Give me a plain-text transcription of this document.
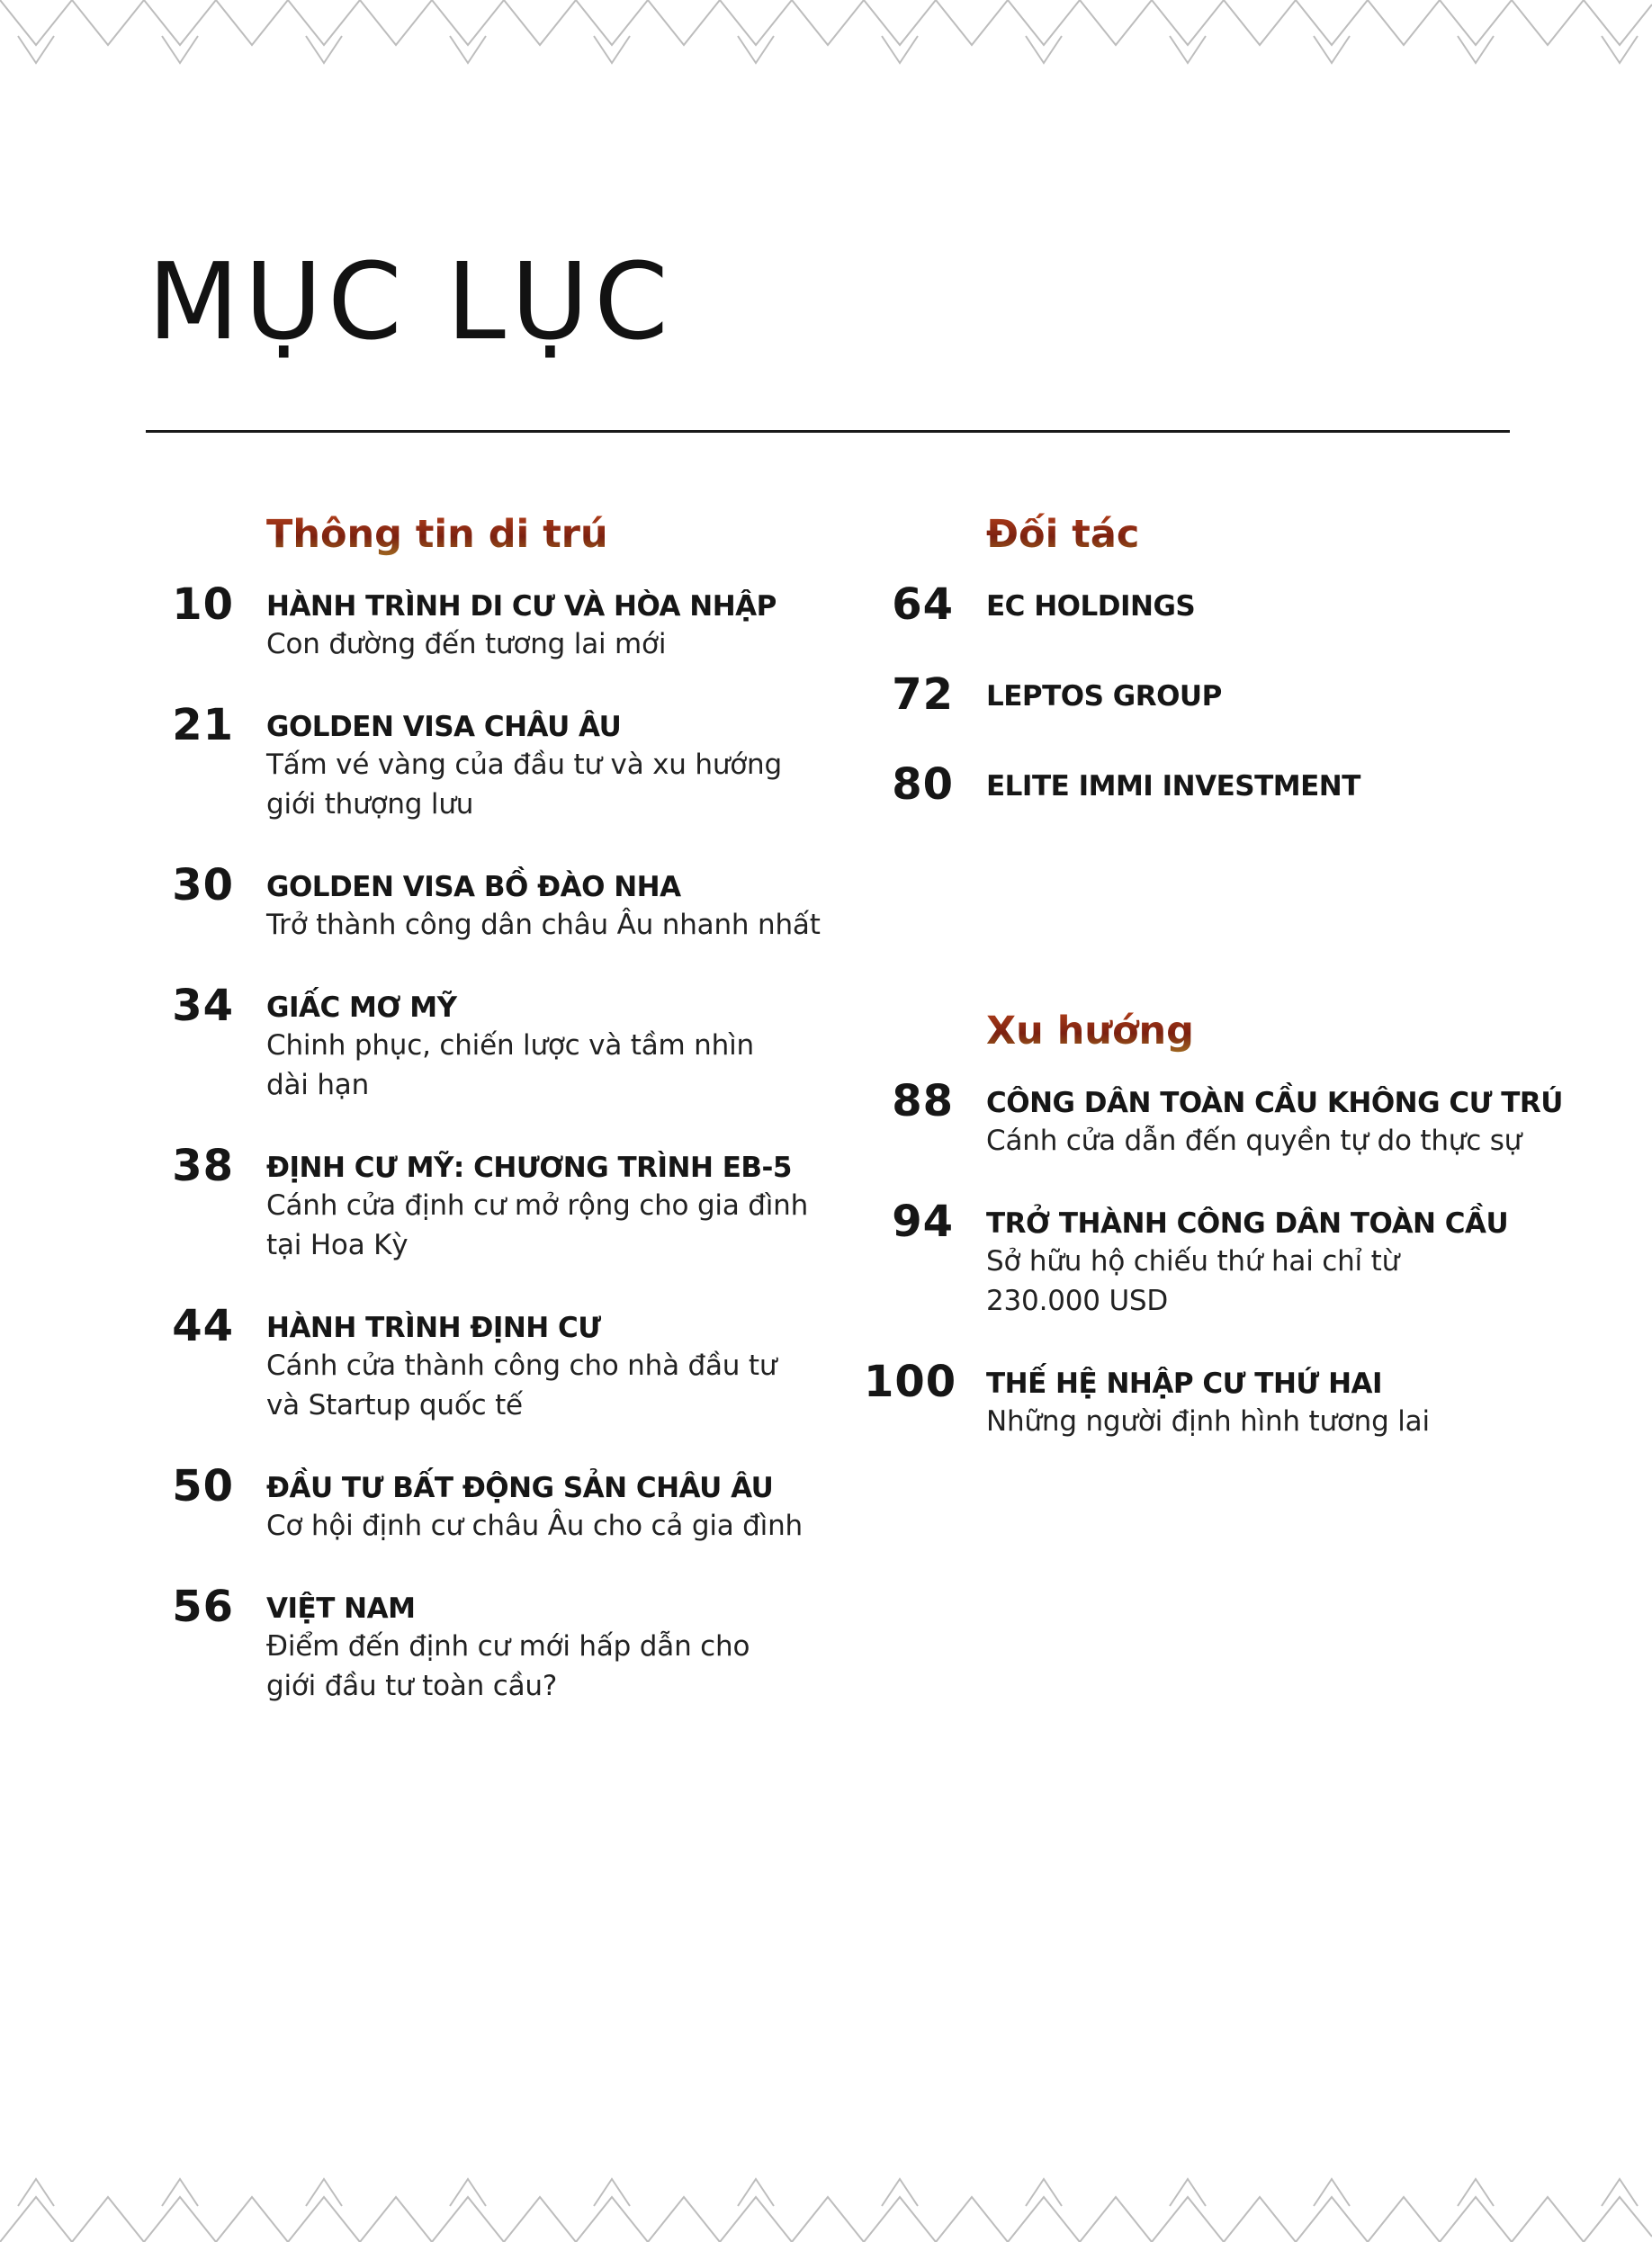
MỤC LỤC
Thông tin di trú
10 HÀNH TRÌNH DI CƯ VÀ HÒA NHẬP
Con đường đến tương lai mới
21 GOLDEN VISA CHÂU ÂU
Tấm vé vàng của đầu tư và xu hướng
giới thượng lưu
30 GOLDEN VISA BỒ ĐÀO NHA
Trở thành công dân châu Âu nhanh nhất
34 GIẤC MƠ MỸ
Chinh phục, chiến lược và tầm nhìn
dài hạn
38 ĐỊNH CƯ MỸ: CHƯƠNG TRÌNH EB-5
Cánh cửa định cư mở rộng cho gia đình
tại Hoa Kỳ
44 HÀNH TRÌNH ĐỊNH CƯ
Cánh cửa thành công cho nhà đầu tư
và Startup quốc tế
50 ĐẦU TƯ BẤT ĐỘNG SẢN CHÂU ÂU
Cơ hội định cư châu Âu cho cả gia đình
56 VIỆT NAM
Điểm đến định cư mới hấp dẫn cho
giới đầu tư toàn cầu?
Đối tác
64 EC HOLDINGS
72 LEPTOS GROUP
80 ELITE IMMI INVESTMENT
Xu hướng
88 CÔNG DÂN TOÀN CẦU KHÔNG CƯ TRÚ
Cánh cửa dẫn đến quyền tự do thực sự
94 TRỞ THÀNH CÔNG DÂN TOÀN CẦU
Sở hữu hộ chiếu thứ hai chỉ từ
230.000 USD
100 THẾ HỆ NHẬP CƯ THỨ HAI
Những người định hình tương lai
